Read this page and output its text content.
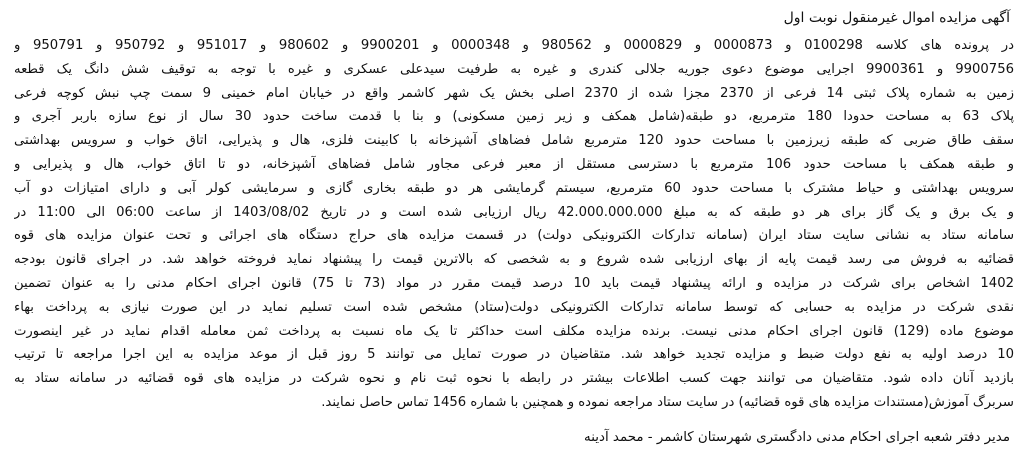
آگهی مزایده اموال غیرمنقول نوبت اول
در پرونده های کلاسه 0100298 و 0000873 و 0000829 و 980562 و 0000348 و 9900201 و 980602 و 951017 و 950792 و 950791 و
9900756 و 9900361 اجرایی موضوع دعوی جوریه جلالی کندری و غیره به طرفیت سیدعلی عسکری و غیره با توجه به توقیف شش دانگ یک قطعه
زمین به شماره پلاک ثبتی 14 فرعی از 2370 مجزا شده از 2370 اصلی بخش یک شهر کاشمر واقع در خیابان امام خمینی 9 سمت چپ نبش کوچه فرعی
پلاک 63 به مساحت حدودا 180 مترمربع، دو طبقه(شامل همکف و زیر زمین مسکونی) و بنا با قدمت ساخت حدود 30 سال از نوع سازه باربر آجری و
سقف طاق ضربی که طبقه زیرزمین با مساحت حدود 120 مترمربع شامل فضاهای آشپزخانه با کابینت فلزی، هال و پذیرایی، اتاق خواب و سرویس بهداشتی
و طبقه همکف با مساحت حدود 106 مترمربع با دسترسی مستقل از معبر فرعی مجاور شامل فضاهای آشپزخانه، دو تا اتاق خواب، هال و پذیرایی و
سرویس بهداشتی و حیاط مشترک با مساحت حدود 60 مترمربع، سیستم گرمایشی هر دو طبقه بخاری گازی و سرمایشی کولر آبی و دارای امتیازات دو آب
و یک برق و یک گاز برای هر دو طبقه که به مبلغ 42.000.000.000 ریال ارزیابی شده است و در تاریخ 1403/08/02 از ساعت 06:00 الی 11:00 در
سامانه ستاد به نشانی سایت ستاد ایران (سامانه تدارکات الکترونیکی دولت) در قسمت مزایده های حراج دستگاه های اجرائی و تحت عنوان مزایده های قوه
قضائیه به فروش می رسد قیمت پایه از بهای ارزیابی شده شروع و به شخصی که بالاترین قیمت را پیشنهاد نماید فروخته خواهد شد. در اجرای قانون بودجه
1402 اشخاص برای شرکت در مزایده و ارائه پیشنهاد قیمت باید 10 درصد قیمت مقرر در مواد (73 تا 75) قانون اجرای احکام مدنی را به عنوان تضمین
نقدی شرکت در مزایده به حسابی که توسط سامانه تدارکات الکترونیکی دولت(ستاد) مشخص شده است تسلیم نماید در این صورت نیازی به پرداخت بهاء
موضوع ماده (129) قانون اجرای احکام مدنی نیست. برنده مزایده مکلف است حداکثر تا یک ماه نسبت به پرداخت ثمن معامله اقدام نماید در غیر اینصورت
10 درصد اولیه به نفع دولت ضبط و مزایده تجدید خواهد شد. متقاضیان در صورت تمایل می توانند 5 روز قبل از موعد مزایده به این اجرا مراجعه تا ترتیب
بازدید آنان داده شود. متقاضیان می توانند جهت کسب اطلاعات بیشتر در رابطه با نحوه ثبت نام و نحوه شرکت در مزایده های قوه قضائیه در سامانه ستاد به
سربرگ آموزش(مستندات مزایده های قوه قضائیه) در سایت ستاد مراجعه نموده و همچنین با شماره 1456 تماس حاصل نمایند.
مدیر دفتر شعبه اجرای احکام مدنی دادگستری شهرستان کاشمر - محمد آدینه
